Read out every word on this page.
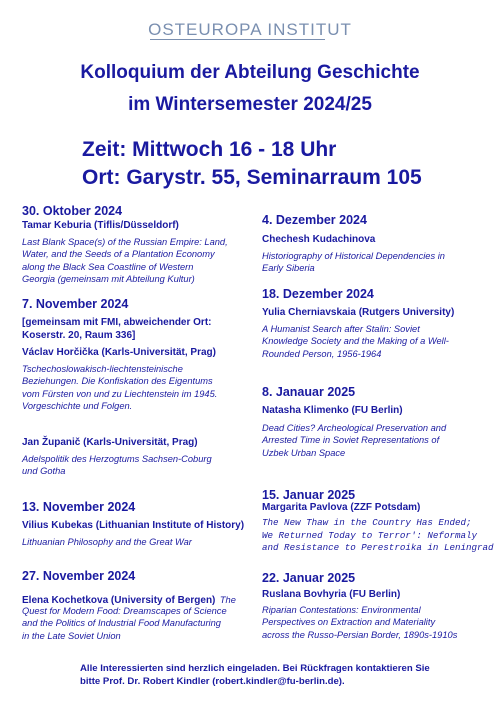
OSTEUROPA INSTITUT
Kolloquium der Abteilung Geschichte
im Wintersemester 2024/25
Zeit: Mittwoch 16 - 18 Uhr
Ort: Garystr. 55, Seminarraum 105
30. Oktober 2024
Tamar Keburia (Tiflis/Düsseldorf)
Last Blank Space(s) of the Russian Empire: Land,
Water, and the Seeds of a Plantation Economy
along the Black Sea Coastline of Western
Georgia (gemeinsam mit Abteilung Kultur)
7. November 2024
[gemeinsam mit FMI, abweichender Ort:
Koserstr. 20, Raum 336]
Václav Horčička (Karls-Universität, Prag)
Tschechoslowakisch-liechtensteinische
Beziehungen. Die Konfiskation des Eigentums
vom Fürsten von und zu Liechtenstein im 1945.
Vorgeschichte und Folgen.
Jan Županič (Karls-Universität, Prag)
Adelspolitik des Herzogtums Sachsen-Coburg
und Gotha
13. November 2024
Vilius Kubekas (Lithuanian Institute of History)
Lithuanian Philosophy and the Great War
27. November 2024
Elena Kochetkova (University of Bergen) The
Quest for Modern Food: Dreamscapes of Science
and the Politics of Industrial Food Manufacturing
in the Late Soviet Union
4. Dezember 2024
Chechesh Kudachinova
Historiography of Historical Dependencies in
Early Siberia
18. Dezember 2024
Yulia Cherniavskaia (Rutgers University)
A Humanist Search after Stalin: Soviet
Knowledge Society and the Making of a Well-
Rounded Person, 1956-1964
8. Janauar 2025
Natasha Klimenko (FU Berlin)
Dead Cities? Archeological Preservation and
Arrested Time in Soviet Representations of
Uzbek Urban Space
15. Januar 2025
Margarita Pavlova (ZZF Potsdam)
The New Thaw in the Country Has Ended;
We Returned Today to Terror': Neformaly
and Resistance to Perestroika in Leningrad
22. Januar 2025
Ruslana Bovhyria (FU Berlin)
Riparian Contestations: Environmental
Perspectives on Extraction and Materiality
across the Russo-Persian Border, 1890s-1910s
Alle Interessierten sind herzlich eingeladen. Bei Rückfragen kontaktieren Sie
bitte Prof. Dr. Robert Kindler (robert.kindler@fu-berlin.de).
